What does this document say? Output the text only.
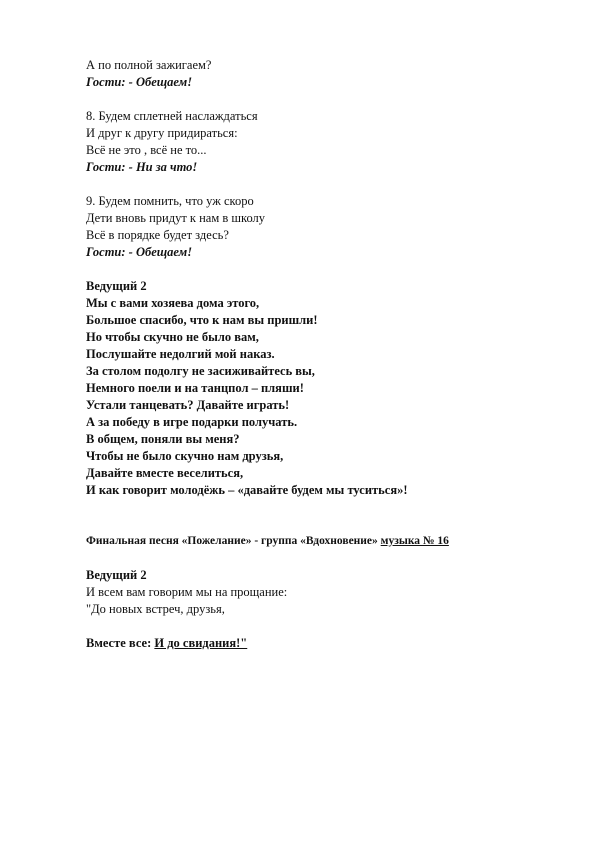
А по полной зажигаем?
Гости: - Обещаем!
8. Будем сплетней наслаждаться
И друг к другу придираться:
Всё не это , всё не то...
Гости: - Ни за что!
9. Будем помнить, что уж скоро
Дети вновь придут к нам в школу
Всё в порядке будет здесь?
Гости: - Обещаем!
Ведущий 2
Мы с вами хозяева дома этого,
Большое спасибо, что к нам вы пришли!
Но чтобы скучно не было вам,
Послушайте недолгий мой наказ.
За столом подолгу не засиживайтесь вы,
Немного поели и на танцпол – пляши!
Устали танцевать? Давайте играть!
А за победу в игре подарки получать.
В общем, поняли вы меня?
Чтобы не было скучно нам друзья,
Давайте вместе веселиться,
И как говорит молодёжь – «давайте будем мы туситься»!
Финальная песня «Пожелание» - группа «Вдохновение» музыка № 16
Ведущий 2
И всем вам говорим мы на прощание:
"До новых встреч, друзья,
Вместе все: И до свидания!"
